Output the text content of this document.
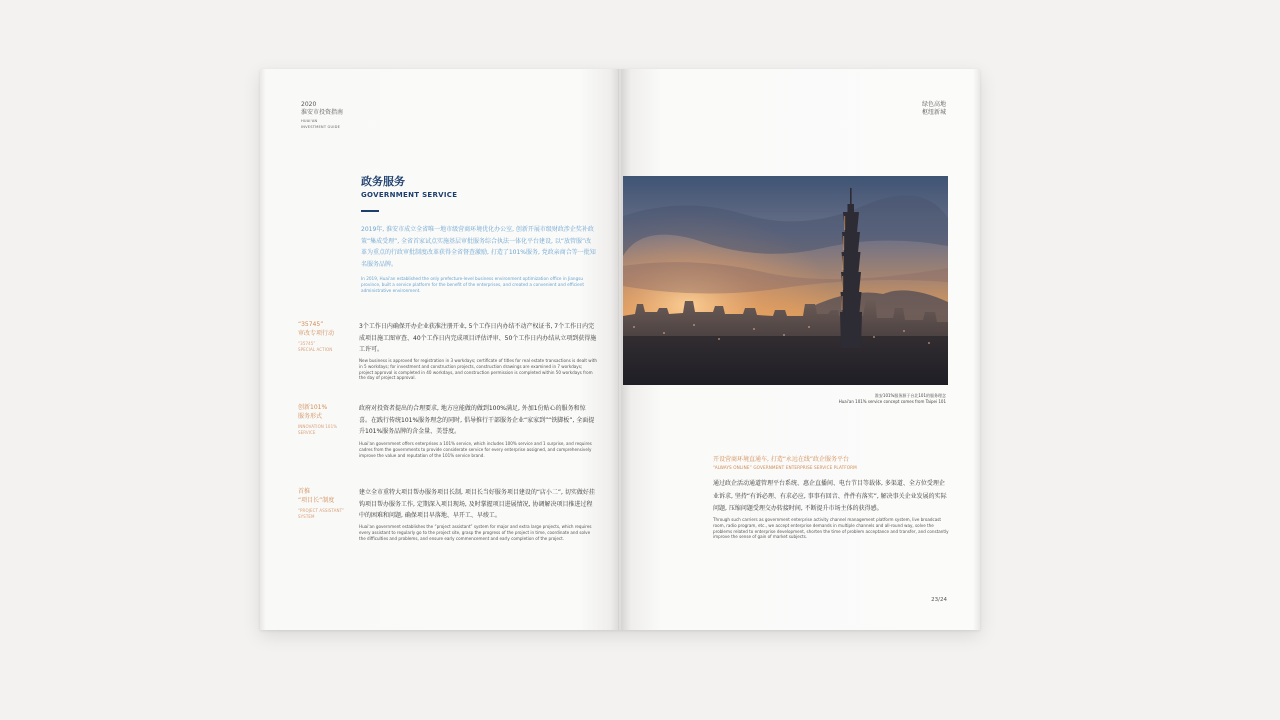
2020
淮安市投资指南
HUAI'AN
INVESTMENT GUIDE
政务服务
GOVERNMENT SERVICE
2019年, 淮安市成立全省唯一地市级营商环境优化办公室, 创新开展市级财政涉企奖补政策“集成受理”, 全省首家试点实施基层审批服务综合执法一体化平台建设, 以“放管服”改革为重点的行政审批制度改革获得全省督查激励, 打造了101%服务, 党政亲商合等一批知名服务品牌。
In 2019, Huai'an established the only prefecture-level business environment optimization office in Jiangsu province, built a service platform for the benefit of the enterprises, and created a convenient and efficient administrative environment.
“35745”
审改专项行动
“35745”
SPECIAL ACTION
3个工作日内确保开办企业获准注册开业, 5个工作日内办结不动产权证书, 7个工作日内完成项目施工图审查、40个工作日内完成项目评估评审、50个工作日内办结从立项到获得施工许可。
New business is approved for registration in 3 workdays; certificate of titles for real estate transactions is dealt with in 5 workdays; for investment and construction projects, construction drawings are examined in 7 workdays; project approval is completed in 40 workdays, and construction permission is completed within 50 workdays from the day of project approval.
创新101%
服务形式
INNOVATION 101%
SERVICE
政府对投资者提出的合理要求, 地方应能做的做到100%满足, 外加1份贴心的服务和惊喜。在践行传统101%服务理念的同时, 倡导推行干部服务企业“家家到”“铁脚板”, 全面提升101%服务品牌的含金量、美誉度。
Huai'an government offers enterprises a 101% service, which includes 100% service and 1 surprise, and requires cadres from the governments to provide considerate service for every enterprise assigned, and comprehensively improve the value and reputation of the 101% service brand.
首推
“项目长”制度
“PROJECT ASSISTANT”
SYSTEM
建立全市重特大项目帮办服务项目长制, 项目长当好服务项目建设的“店小二”, 切实做好挂钩项目帮办服务工作, 定期深入项目现场, 及时掌握项目进展情况, 协调解决项目推进过程中的困难和问题, 确保项目早落地、早开工、早竣工。
Huai'an government establishes the “project assistant” system for major and extra large projects, which requires every assistant to regularly go to the project site, grasp the progress of the project in time, coordinate and solve the difficulties and problems, and ensure early commencement and early completion of the project.
绿色高地
枢纽新城
淮安101%服务源于台北101的服务理念
Huai'an 101% service concept comes from Taipei 101
开设营商环境直通车, 打造“永远在线”政企服务平台
“ALWAYS ONLINE” GOVERNMENT ENTERPRISE SERVICE PLATFORM
通过政企活动通道管理平台系统、惠企直播间、电台节目等载体, 多渠道、全方位受理企业诉求, 坚持“有诉必理、有求必应, 事事有回音、件件有落实”, 解决事关企业发展的实际问题, 压缩问题受理交办转接时间, 不断提升市场主体的获得感。
Through such carriers as government enterprise activity channel management platform system, live broadcast room, radio program, etc., we accept enterprise demands in multiple channels and all-round way, solve the problems related to enterprise development, shorten the time of problem acceptance and transfer, and constantly improve the sense of gain of market subjects.
23/24
